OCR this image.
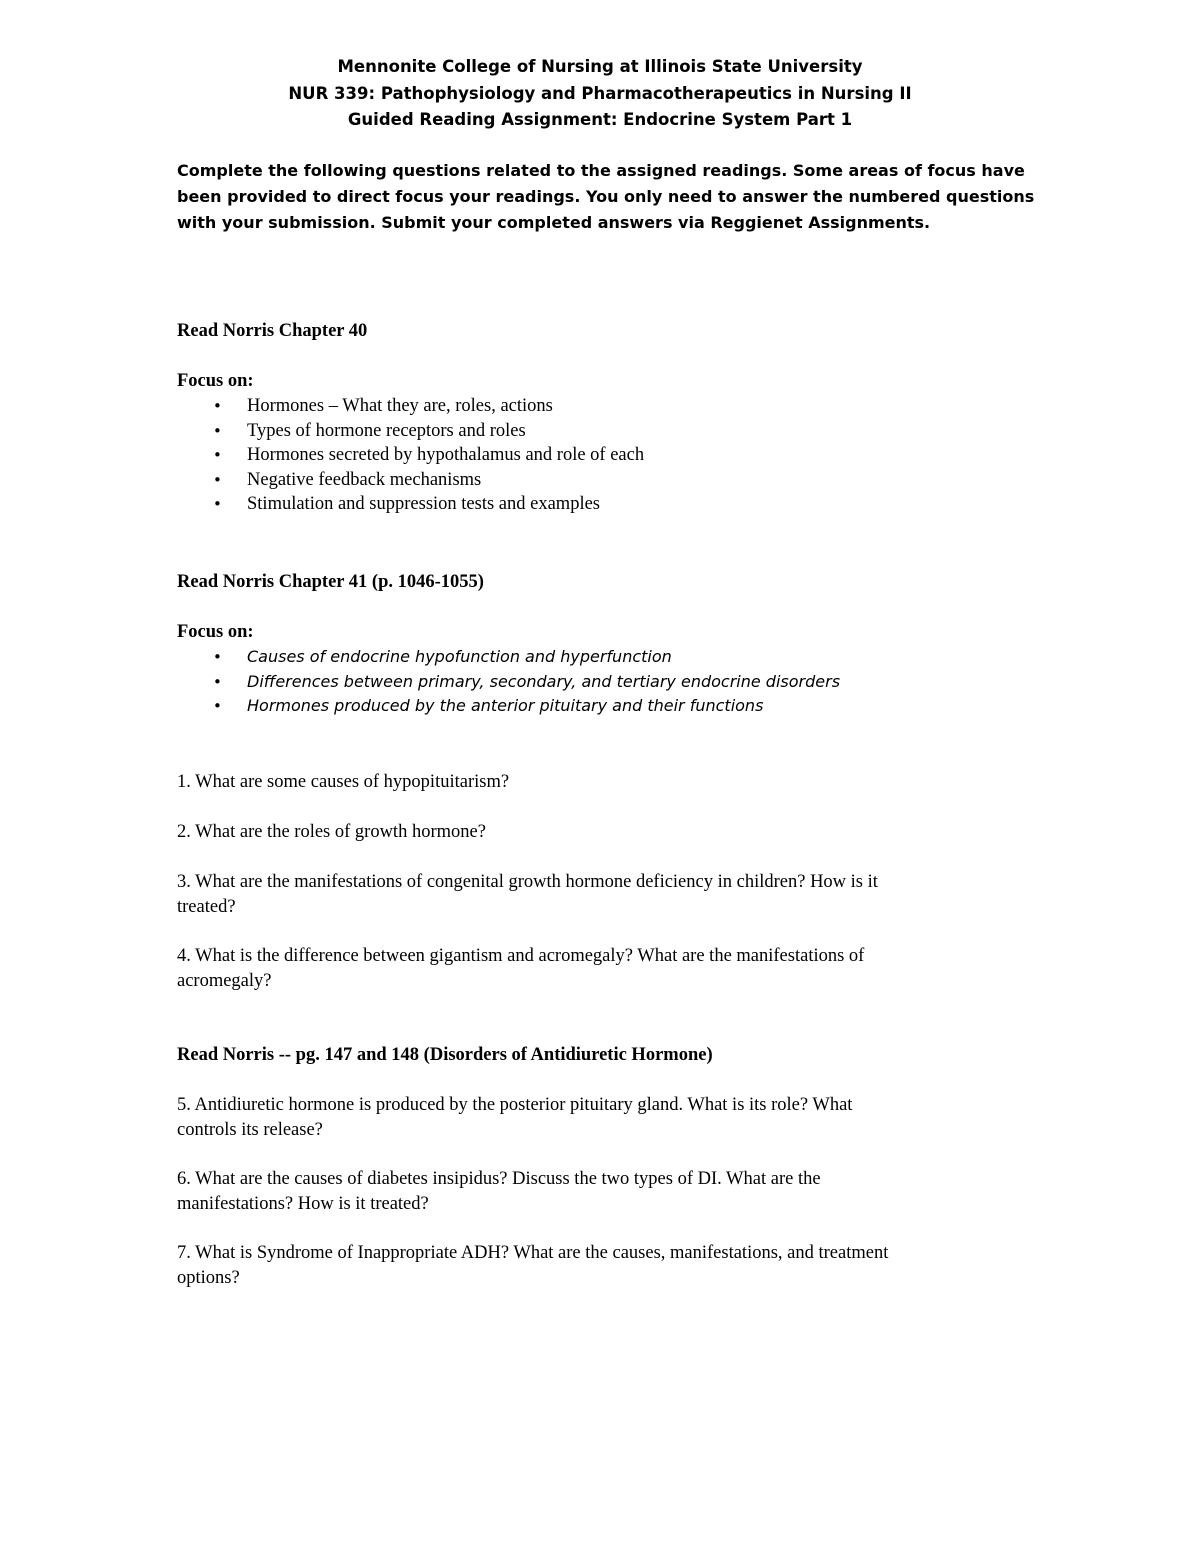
Mennonite College of Nursing at Illinois State University
NUR 339: Pathophysiology and Pharmacotherapeutics in Nursing II
Guided Reading Assignment: Endocrine System Part 1
Complete the following questions related to the assigned readings. Some areas of focus have
been provided to direct focus your readings. You only need to answer the numbered questions
with your submission. Submit your completed answers via Reggienet Assignments.
Read Norris Chapter 40
Focus on:
• Hormones – What they are, roles, actions
• Types of hormone receptors and roles
• Hormones secreted by hypothalamus and role of each
• Negative feedback mechanisms
• Stimulation and suppression tests and examples
Read Norris Chapter 41 (p. 1046-1055)
Focus on:
• Causes of endocrine hypofunction and hyperfunction
• Differences between primary, secondary, and tertiary endocrine disorders
• Hormones produced by the anterior pituitary and their functions
1. What are some causes of hypopituitarism?
2. What are the roles of growth hormone?
3. What are the manifestations of congenital growth hormone deficiency in children? How is it
treated?
4. What is the difference between gigantism and acromegaly? What are the manifestations of
acromegaly?
Read Norris -- pg. 147 and 148 (Disorders of Antidiuretic Hormone)
5. Antidiuretic hormone is produced by the posterior pituitary gland. What is its role? What
controls its release?
6. What are the causes of diabetes insipidus? Discuss the two types of DI. What are the
manifestations? How is it treated?
7. What is Syndrome of Inappropriate ADH? What are the causes, manifestations, and treatment
options?
